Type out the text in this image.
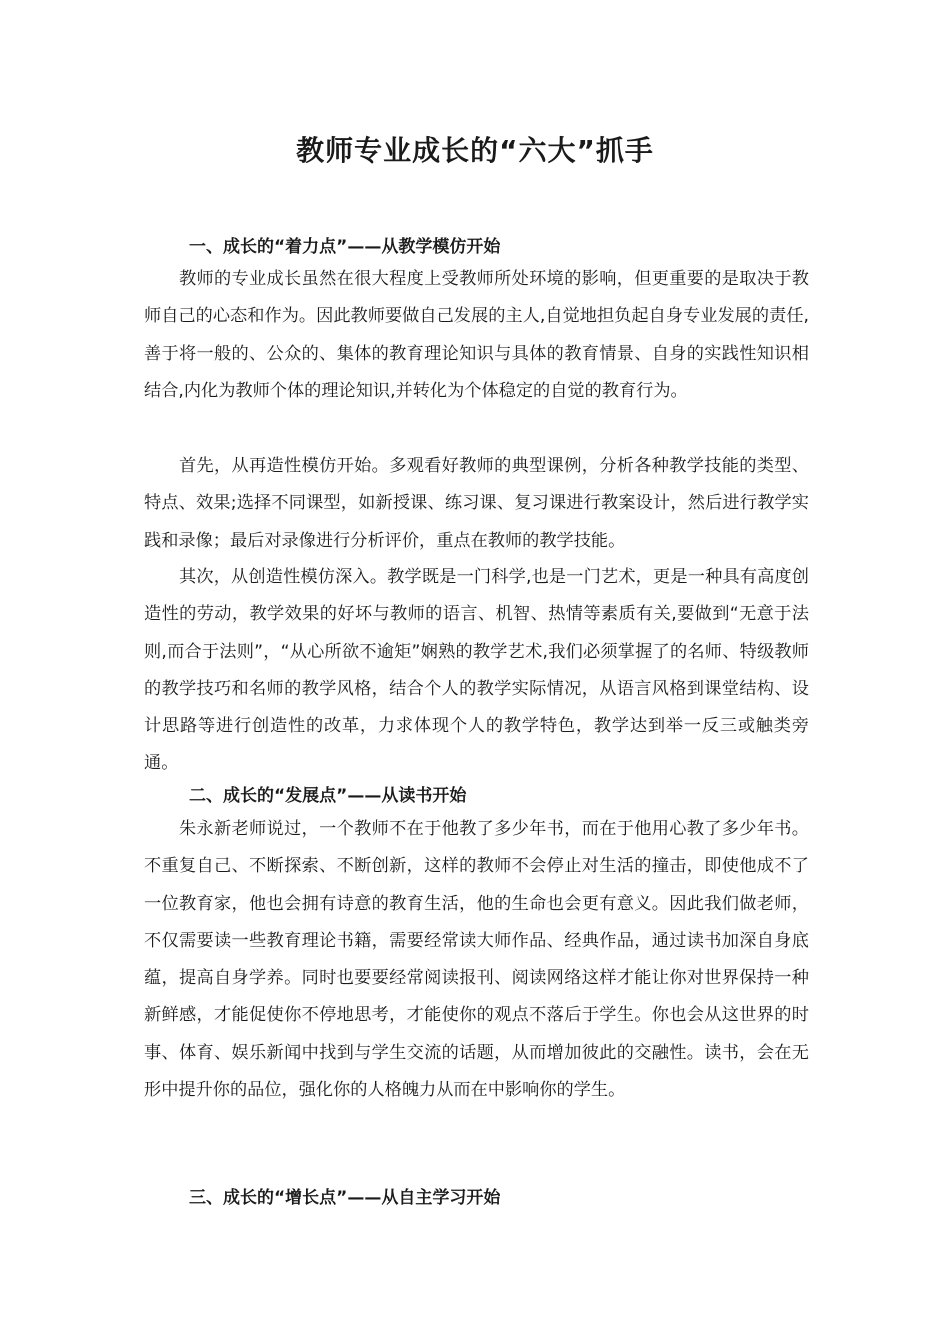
教师专业成长的“六大”抓手
一、成长的“着力点”——从教学模仿开始

教师的专业成长虽然在很大程度上受教师所处环境的影响，但更重要的是取决于教师自己的心态和作为。因此教师要做自己发展的主人,自觉地担负起自身专业发展的责任,善于将一般的、公众的、集体的教育理论知识与具体的教育情景、自身的实践性知识相结合,内化为教师个体的理论知识,并转化为个体稳定的自觉的教育行为。

首先，从再造性模仿开始。多观看好教师的典型课例，分析各种教学技能的类型、特点、效果;选择不同课型，如新授课、练习课、复习课进行教案设计，然后进行教学实践和录像；最后对录像进行分析评价，重点在教师的教学技能。

其次，从创造性模仿深入。教学既是一门科学,也是一门艺术，更是一种具有高度创造性的劳动，教学效果的好坏与教师的语言、机智、热情等素质有关,要做到“无意于法则,而合于法则”，“从心所欲不逾矩”娴熟的教学艺术,我们必须掌握了的名师、特级教师的教学技巧和名师的教学风格，结合个人的教学实际情况，从语言风格到课堂结构、设计思路等进行创造性的改革，力求体现个人的教学特色，教学达到举一反三或触类旁通。

二、成长的“发展点”——从读书开始

朱永新老师说过，一个教师不在于他教了多少年书，而在于他用心教了多少年书。不重复自己、不断探索、不断创新，这样的教师不会停止对生活的撞击，即使他成不了一位教育家，他也会拥有诗意的教育生活，他的生命也会更有意义。因此我们做老师，不仅需要读一些教育理论书籍，需要经常读大师作品、经典作品，通过读书加深自身底蕴，提高自身学养。同时也要要经常阅读报刊、阅读网络这样才能让你对世界保持一种新鲜感，才能促使你不停地思考，才能使你的观点不落后于学生。你也会从这世界的时事、体育、娱乐新闻中找到与学生交流的话题，从而增加彼此的交融性。读书，会在无形中提升你的品位，强化你的人格魄力从而在中影响你的学生。

三、成长的“增长点”——从自主学习开始
